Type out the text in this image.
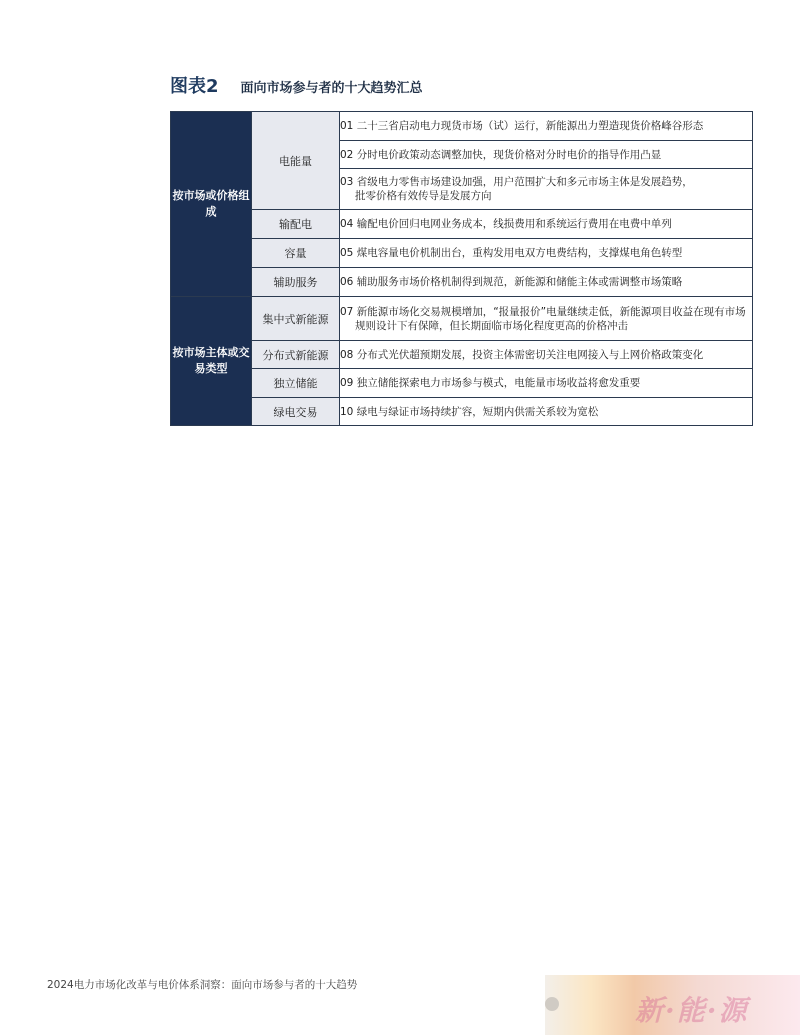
图表2 面向市场参与者的十大趋势汇总
按市场或价格组成	电能量	01 二十三省启动电力现货市场（试）运行，新能源出力塑造现货价格峰谷形态
		02 分时电价政策动态调整加快，现货价格对分时电价的指导作用凸显
		03 省级电力零售市场建设加强，用户范围扩大和多元市场主体是发展趋势，
批零价格有效传导是发展方向

	输配电	04 输配电价回归电网业务成本，线损费用和系统运行费用在电费中单列
	容量	05 煤电容量电价机制出台，重构发用电双方电费结构，支撑煤电角色转型
	辅助服务	06 辅助服务市场价格机制得到规范，新能源和储能主体或需调整市场策略
按市场主体或交易类型	集中式新能源	07 新能源市场化交易规模增加，“报量报价”电量继续走低，新能源项目收益在现有市场
规则设计下有保障，但长期面临市场化程度更高的价格冲击

	分布式新能源	08 分布式光伏超预期发展，投资主体需密切关注电网接入与上网价格政策变化
	独立储能	09 独立储能探索电力市场参与模式，电能量市场收益将愈发重要
	绿电交易	10 绿电与绿证市场持续扩容，短期内供需关系较为宽松
2024电力市场化改革与电价体系洞察：面向市场参与者的十大趋势
新·能·源
